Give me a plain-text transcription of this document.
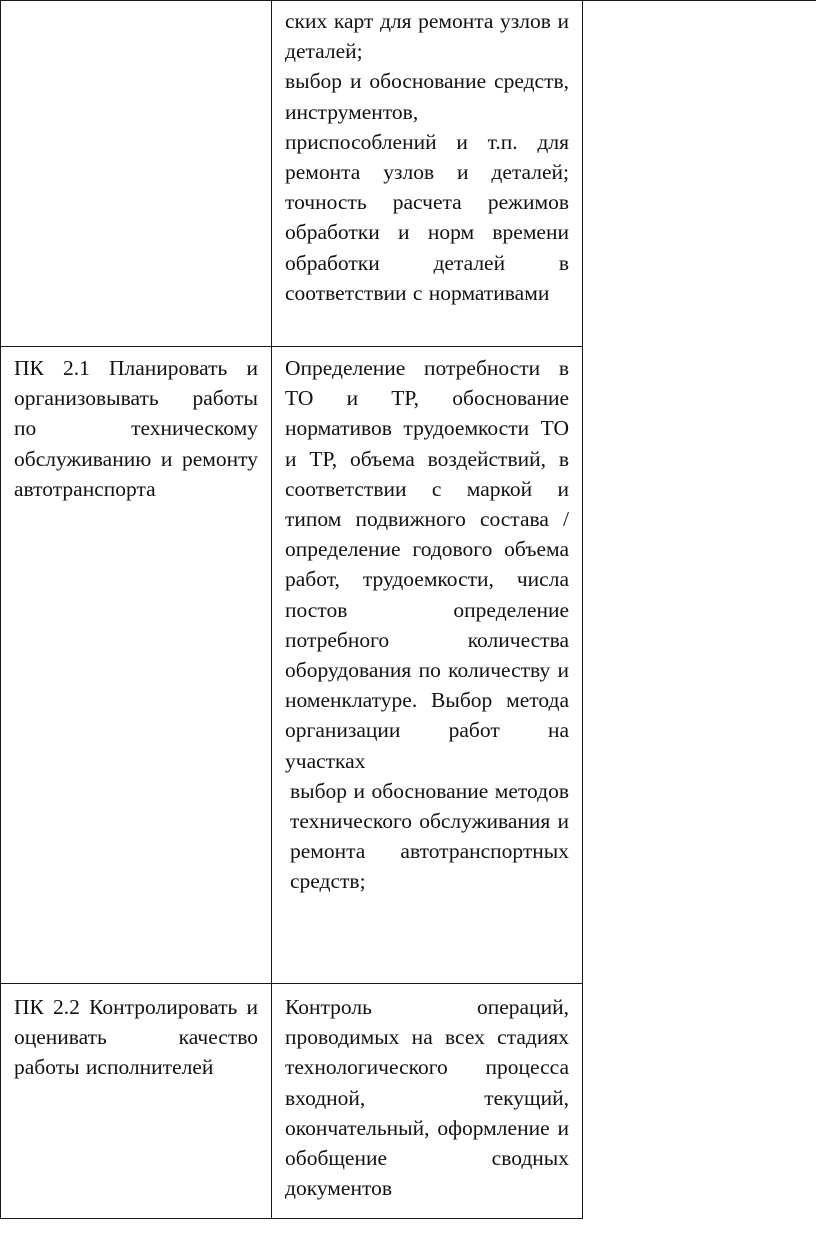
ских карт для ремонта узлов и деталей;

выбор и обоснование средств, инструментов, приспособлений и т.п. для ремонта узлов и деталей; точность расчета режимов обработки и норм времени обработки деталей в соответствии с нормативами

ПК 2.1 Планировать и организовывать работы по техническому обслуживанию и ремонту автотранспорта

Определение потребности в ТО и ТР, обоснование нормативов трудоемкости ТО и ТР, объема воздействий, в соответствии с маркой и типом подвижного состава / определение годового объема работ, трудоемкости, числа постов определение потребного количества оборудования по количеству и номенклатуре. Выбор метода организации работ на участках

выбор и обоснование методов технического обслуживания и ремонта автотранспортных средств;

ПК 2.2 Контролировать и оценивать качество работы исполнителей

Контроль операций, проводимых на всех стадиях технологического процесса входной, текущий, окончательный, оформление и обобщение сводных документов
